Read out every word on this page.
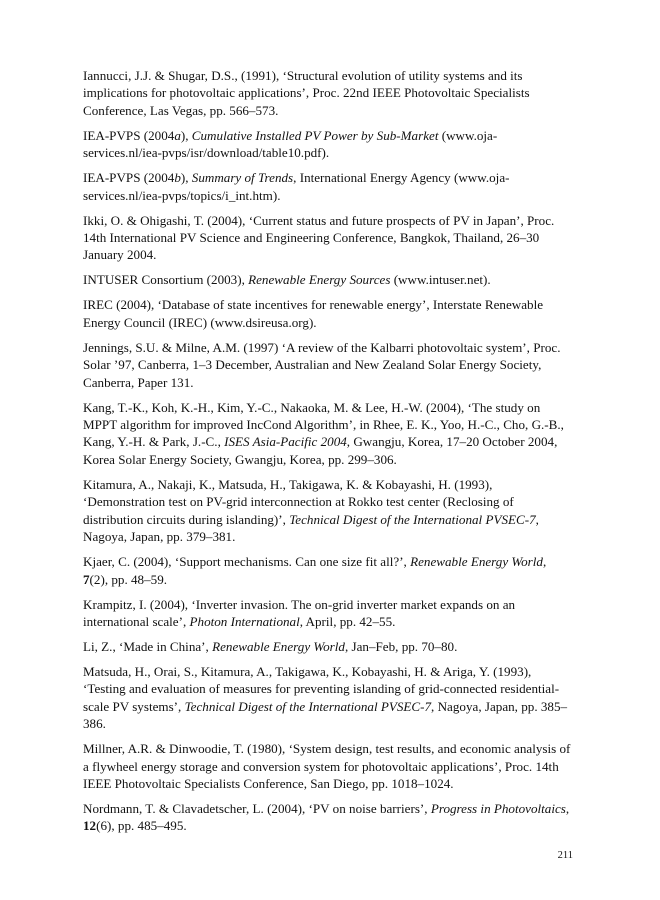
Iannucci, J.J. & Shugar, D.S., (1991), ‘Structural evolution of utility systems and its implications for photovoltaic applications’, Proc. 22nd IEEE Photovoltaic Specialists Conference, Las Vegas, pp. 566–573.

IEA-PVPS (2004a), Cumulative Installed PV Power by Sub-Market (www.oja-services.nl/iea-pvps/isr/download/table10.pdf).

IEA-PVPS (2004b), Summary of Trends, International Energy Agency (www.oja-services.nl/iea-pvps/topics/i_int.htm).

Ikki, O. & Ohigashi, T. (2004), ‘Current status and future prospects of PV in Japan’, Proc. 14th International PV Science and Engineering Conference, Bangkok, Thailand, 26–30 January 2004.

INTUSER Consortium (2003), Renewable Energy Sources (www.intuser.net).

IREC (2004), ‘Database of state incentives for renewable energy’, Interstate Renewable Energy Council (IREC) (www.dsireusa.org).

Jennings, S.U. & Milne, A.M. (1997) ‘A review of the Kalbarri photovoltaic system’, Proc. Solar ’97, Canberra, 1–3 December, Australian and New Zealand Solar Energy Society, Canberra, Paper 131.

Kang, T.-K., Koh, K.-H., Kim, Y.-C., Nakaoka, M. & Lee, H.-W. (2004), ‘The study on MPPT algorithm for improved IncCond Algorithm’, in Rhee, E. K., Yoo, H.-C., Cho, G.-B., Kang, Y.-H. & Park, J.-C., ISES Asia-Pacific 2004, Gwangju, Korea, 17–20 October 2004, Korea Solar Energy Society, Gwangju, Korea, pp. 299–306.

Kitamura, A., Nakaji, K., Matsuda, H., Takigawa, K. & Kobayashi, H. (1993), ‘Demonstration test on PV-grid interconnection at Rokko test center (Reclosing of distribution circuits during islanding)’, Technical Digest of the International PVSEC-7, Nagoya, Japan, pp. 379–381.

Kjaer, C. (2004), ‘Support mechanisms. Can one size fit all?’, Renewable Energy World, 7(2), pp. 48–59.

Krampitz, I. (2004), ‘Inverter invasion. The on-grid inverter market expands on an international scale’, Photon International, April, pp. 42–55.

Li, Z., ‘Made in China’, Renewable Energy World, Jan–Feb, pp. 70–80.

Matsuda, H., Orai, S., Kitamura, A., Takigawa, K., Kobayashi, H. & Ariga, Y. (1993), ‘Testing and evaluation of measures for preventing islanding of grid-connected residential-scale PV systems’, Technical Digest of the International PVSEC-7, Nagoya, Japan, pp. 385–386.

Millner, A.R. & Dinwoodie, T. (1980), ‘System design, test results, and economic analysis of a flywheel energy storage and conversion system for photovoltaic applications’, Proc. 14th IEEE Photovoltaic Specialists Conference, San Diego, pp. 1018–1024.

Nordmann, T. & Clavadetscher, L. (2004), ‘PV on noise barriers’, Progress in Photovoltaics, 12(6), pp. 485–495.

211
